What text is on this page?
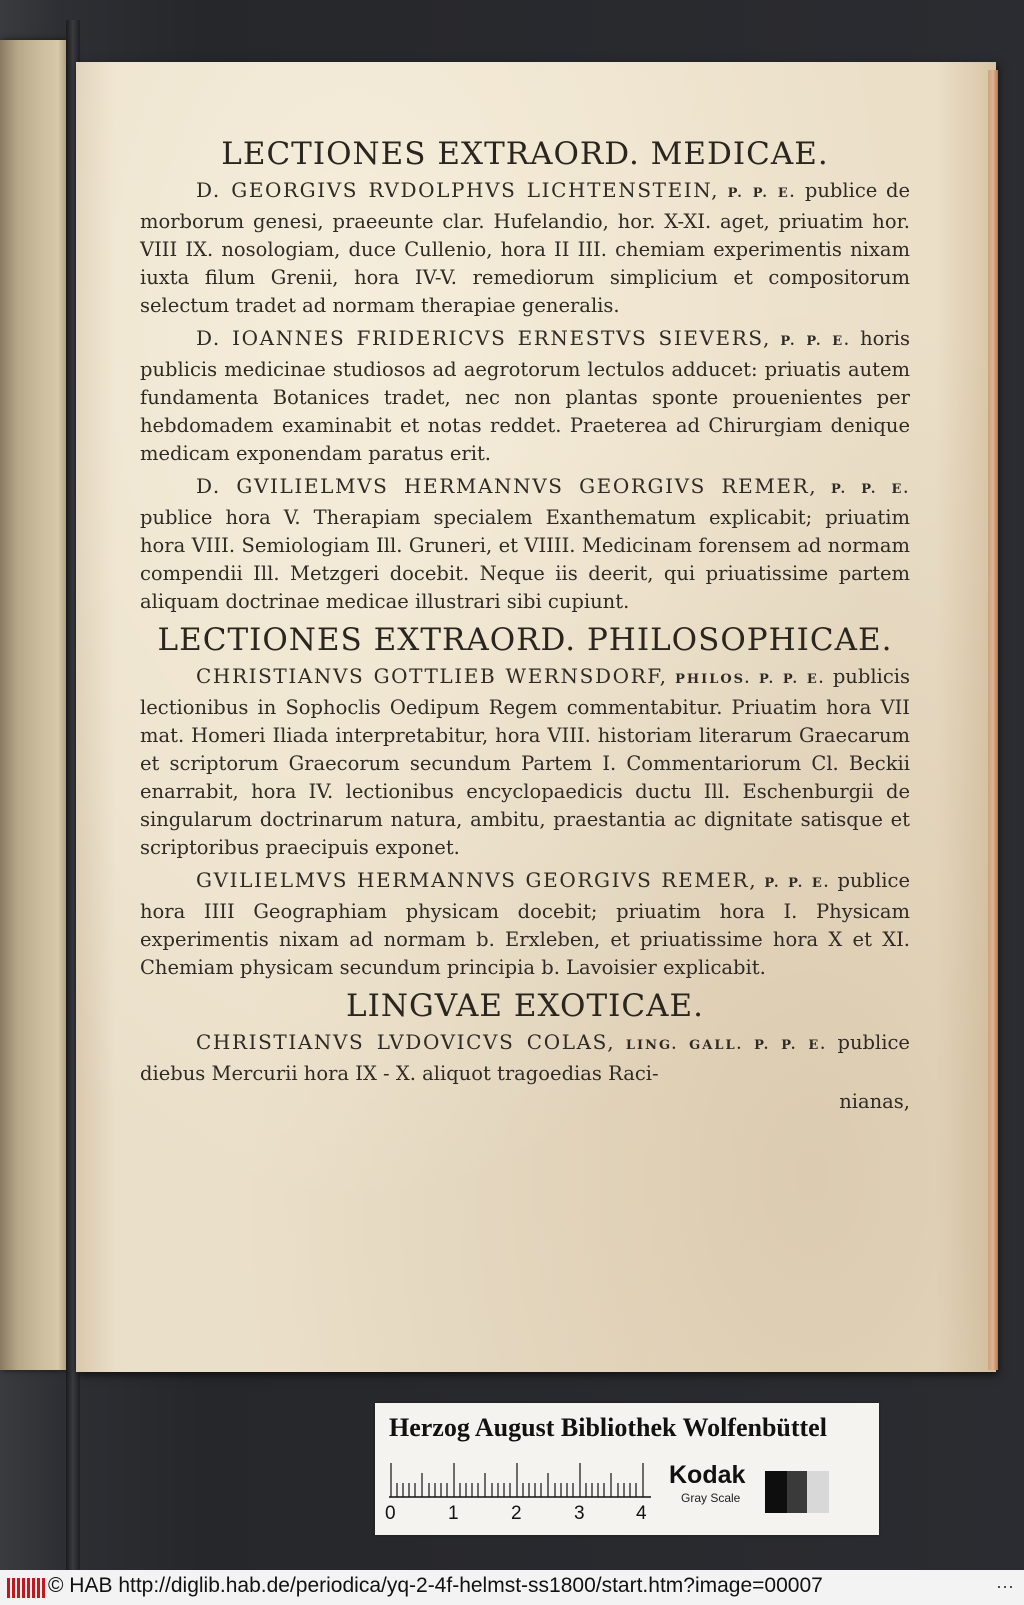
LECTIONES EXTRAORD. MEDICAE.

D. GEORGIVS RVDOLPHVS LICHTENSTEIN, P. P. E. publice de morborum genesi, praeeunte clar. Hufelandio, hor. X-XI. aget, priuatim hor. VIII IX. nosologiam, duce Cullenio, hora II III. chemiam experimentis nixam iuxta filum Grenii, hora IV-V. remediorum simplicium et compositorum selectum tradet ad normam therapiae generalis.

D. IOANNES FRIDERICVS ERNESTVS SIEVERS, P. P. E. horis publicis medicinae studiosos ad aegrotorum lectulos adducet: priuatis autem fundamenta Botanices tradet, nec non plantas sponte prouenientes per hebdomadem examinabit et notas reddet. Praeterea ad Chirurgiam denique medicam exponendam paratus erit.

D. GVILIELMVS HERMANNVS GEORGIVS REMER, P. P. E. publice hora V. Therapiam specialem Exanthematum explicabit; priuatim hora VIII. Semiologiam Ill. Gruneri, et VIIII. Medicinam forensem ad normam compendii Ill. Metzgeri docebit. Neque iis deerit, qui priuatissime partem aliquam doctrinae medicae illustrari sibi cupiunt.

LECTIONES EXTRAORD. PHILOSOPHICAE.

CHRISTIANVS GOTTLIEB WERNSDORF, PHILOS. P. P. E. publicis lectionibus in Sophoclis Oedipum Regem commentabitur. Priuatim hora VII mat. Homeri Iliada interpretabitur, hora VIII. historiam literarum Graecarum et scriptorum Graecorum secundum Partem I. Commentariorum Cl. Beckii enarrabit, hora IV. lectionibus encyclopaedicis ductu Ill. Eschenburgii de singularum doctrinarum natura, ambitu, praestantia ac dignitate satisque et scriptoribus praecipuis exponet.

GVILIELMVS HERMANNVS GEORGIVS REMER, P. P. E. publice hora IIII Geographiam physicam docebit; priuatim hora I. Physicam experimentis nixam ad normam b. Erxleben, et priuatissime hora X et XI. Chemiam physicam secundum principia b. Lavoisier explicabit.

LINGVAE EXOTICAE.

CHRISTIANVS LVDOVICVS COLAS, LING. GALL. P. P. E. publice diebus Mercurii hora IX - X. aliquot tragoedias Raci-

nianas,
Herzog August Bibliothek Wolfenbüttel
0	1	2	3	4
Kodak
Gray Scale
© HAB http://diglib.hab.de/periodica/yq-2-4f-helmst-ss1800/start.htm?image=00007	···
